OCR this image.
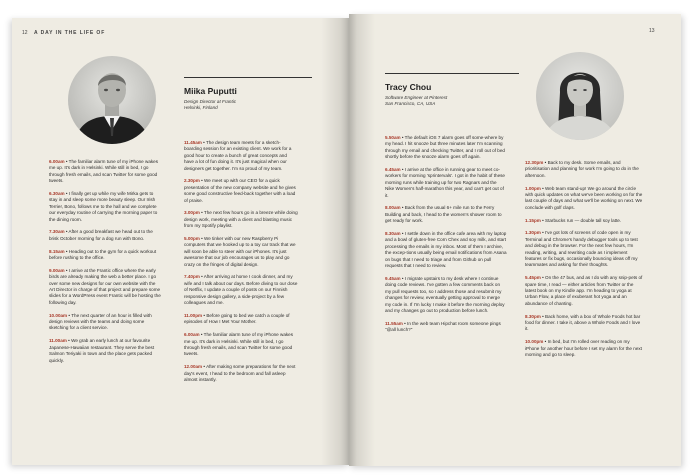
12 A DAY IN THE LIFE OF
Miika Puputti
Design Director at Frantic
Helsinki, Finland

6.00am • The familiar alarm tune of my iPhone wakes me up. It's dark in Helsinki. While still in bed, I go through fresh emails, and scan Twitter for some good tweets.

6.30am • I finally get up while my wife Mirka gets to stay in and sleep some more beauty sleep. Our Irish Terrier, Bono, follows me to the hall and we complete our everyday routine of carrying the morning paper to the dining room.

7.30am • After a good breakfast we head out to the brisk October morning for a dog run with Bono.

8.15am • Heading out to the gym for a quick workout before rushing to the office.

9.00am • I arrive at the Frantic office where the early birds are already making the web a better place. I go over some new designs for our own website with the Art Director in charge of that project and prepare some slides for a WordPress event Frantic will be hosting the following day.

10.00am • The next quarter of an hour is filled with design reviews with the teams and doing some sketching for a client service.

11.00am • We grab an early lunch at our favourite Japanese-Hawaiian restaurant. They serve the best Salmon Teriyaki in town and the place gets packed quickly.

11.45am • The design team meets for a sketch-boarding session for an existing client. We work for a good hour to create a bunch of great concepts and have a lot of fun doing it. It's just magical when our designers get together. I'm so proud of my team.

2.30pm • We meet up with our CEO for a quick presentation of the new company website and he gives some good constructive feed-back together with a load of praise.

3.00pm • The next few hours go in a breeze while doing design work, meeting with a client and blasting music from my Spotify playlist.

5.00pm • We tinker with our new Raspberry Pi computers that we hooked up to a toy car track that we will soon be able to steer with our iPhones. It's just awesome that our job encourages us to play and go crazy on the fringes of digital design.

7.40pm • After arriving at home I cook dinner, and my wife and I talk about our days. Before diving to our dose of Netflix, I update a couple of posts on our Finnish responsive design gallery, a side-project by a few colleagues and me.

11.00pm • Before going to bed we catch a couple of episodes of How I Met Your Mother.

6.00am • The familiar alarm tune of my iPhone wakes me up. It's dark in Helsinki. While still in bed, I go through fresh emails, and scan Twitter for some good tweets.

12.00am • After making some preparations for the next day's event, I head to the bedroom and fall asleep almost instantly.

13
Tracy Chou
Software Engineer at Pinterest
San Francisco, CA, USA

5.50am • The default iOS 7 alarm goes off some-where by my head. I hit snooze but three minutes later I'm scanning through my email and checking Twitter, and I roll out of bed shortly before the snooze alarm goes off again.

6.45am • I arrive at the office in running gear to meet co-workers for morning 'sprintervals'. I got in the habit of these morning runs while training up for two Ragnars and the Nike Women's half-marathon this year, and can't get out of it.

8.00am • Back from the usual 6+ mile run to the Ferry Building and back, I head to the women's shower room to get ready for work.

8.30am • I settle down in the office cafe area with my laptop and a bowl of gluten-free Corn Chex and soy milk, and start processing the emails in my inbox. Most of them I archive, the excep-tions usually being email notifications from Asana on bugs that I need to triage and from Github on pull requests that I need to review.

9.45am • I migrate upstairs to my desk where I continue doing code reviews. I've gotten a few comments back on my pull requests too, so I address those and resubmit my changes for review, eventually getting approval to merge my code in. If I'm lucky I make it before the morning deploy and my changes go out to production before lunch.

11.55am • In the web team Hipchat room someone pings "@all lunch?"

12.30pm • Back to my desk. Some emails, and prioritisation and planning for work I'm going to do in the afternoon.

1.00pm • Web team stand-up! We go around the circle with quick updates on what we've been working on for the last couple of days and what we'll be working on next. We conclude with golf claps.

1.15pm • Starbucks run — double tall soy latte.

1.30pm • I've got lots of screens of code open in my Terminal and Chrome's handy debugger tools up to test and debug in the browser. For the next few hours, I'm reading, writing, and rewriting code as I implement features or fix bugs, occasionally bouncing ideas off my teammates and asking for their thoughts.

5.45pm • On the 47 bus, and as I do with any snip-pets of spare time, I read — either articles from Twitter or the latest book on my Kindle app. I'm heading to yoga at Urban Flow, a place of exuberant hot yoga and an abundance of chanting.

8.30pm • Back home, with a box of Whole Foods hot bar food for dinner. I take it, above a Whole Foods and I love it.

10.00pm • In bed, but I'm rolled over reading on my iPhone for another hour before I set my alarm for the next morning and go to sleep.
